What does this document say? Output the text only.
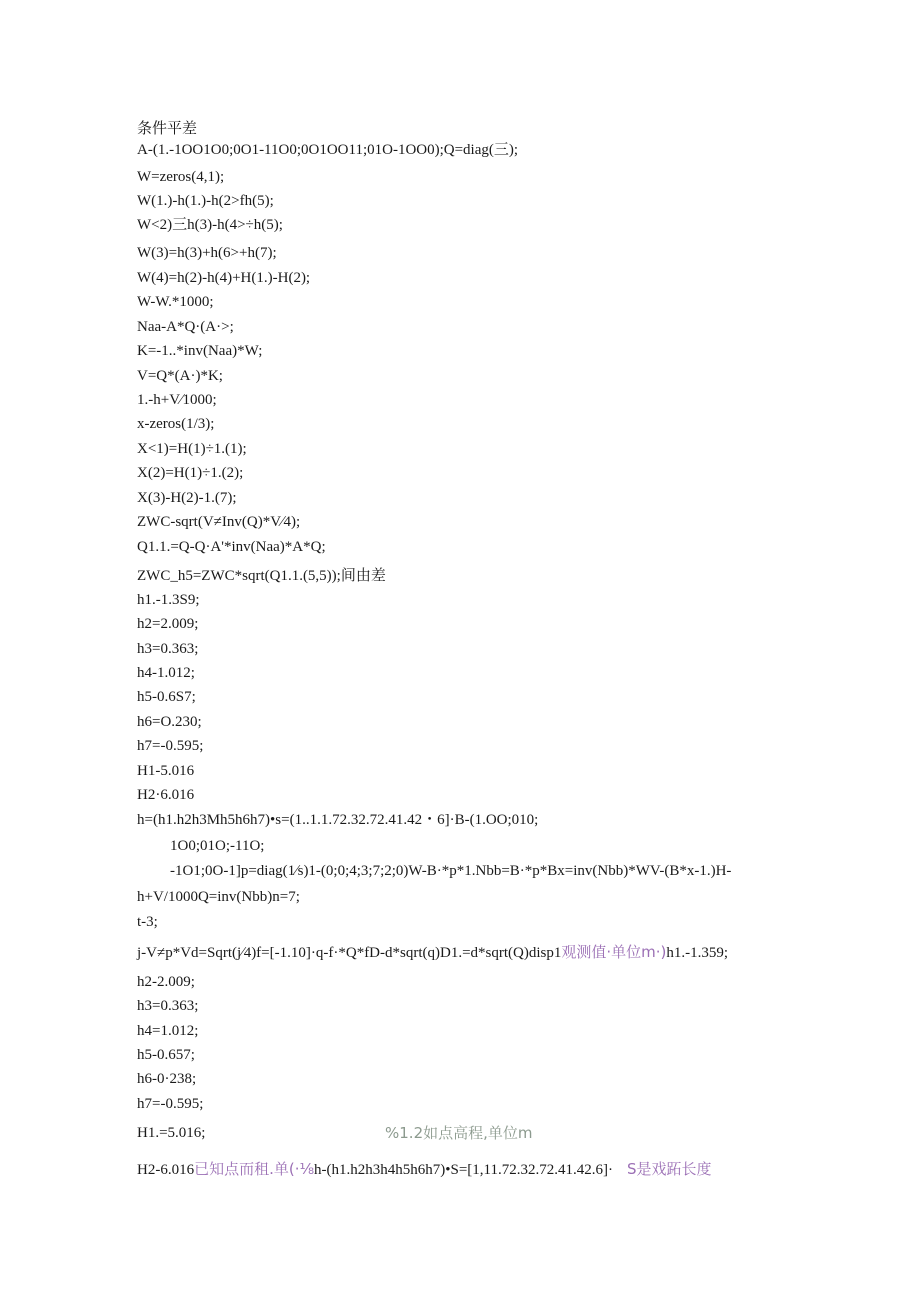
条件平差
A-(1.-1OO1O0;0O1-11O0;0O1OO11;01O-1OO0);Q=diag(三);
W=zeros(4,1);
W(1.)-h(1.)-h(2>fh(5);
W<2)三h(3)-h(4>÷h(5);
W(3)=h(3)+h(6>+h(7);
W(4)=h(2)-h(4)+H(1.)-H(2);
W-W.*1000;
Naa-A*Q·(A·>;
K=-1..*inv(Naa)*W;
V=Q*(A·)*K;
1.-h+V∕1000;
x-zeros(1/3);
X<1)=H(1)÷1.(1);
X(2)=H(1)÷1.(2);
X(3)-H(2)-1.(7);
ZWC-sqrt(V≠Inv(Q)*V∕4);
Q1.1.=Q-Q·A'*inv(Naa)*A*Q;
ZWC_h5=ZWC*sqrt(Q1.1.(5,5));间由差
h1.-1.3S9;
h2=2.009;
h3=0.363;
h4-1.012;
h5-0.6S7;
h6=O.230;
h7=-0.595;
H1-5.016
H2·6.016
h=(h1.h2h3Mh5h6h7)•s=(1..1.1.72.32.72.41.42・6]·B-(1.OO;010;
1O0;01O;-11O;
-1O1;0O-1]p=diag(1∕s)1-(0;0;4;3;7;2;0)W-B·*p*1.Nbb=B·*p*Bx=inv(Nbb)*WV-(B*x-1.)H-
h+V/1000Q=inv(Nbb)n=7;
t-3;
j-V≠p*Vd=Sqrt(j∕4)f=[-1.10]·q-f·*Q*fD-d*sqrt(q)D1.=d*sqrt(Q)disp1观测值·单位m·)h1.-1.359;
h2-2.009;
h3=0.363;
h4=1.012;
h5-0.657;
h6-0·238;
h7=-0.595;
H1.=5.016;	%1.2如点高程,单位m
H2-6.016已知点而租.单(·⅛h-(h1.h2h3h4h5h6h7)•S=[1,11.72.32.72.41.42.6]· S是戏跖长度
